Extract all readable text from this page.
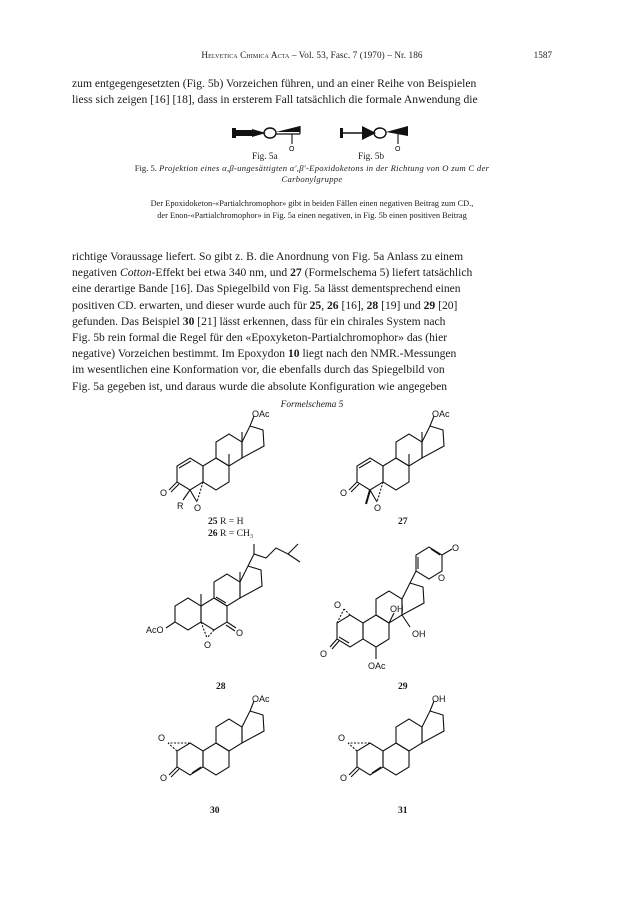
Helvetica Chimica Acta – Vol. 53, Fasc. 7 (1970) – Nr. 186	1587

zum entgegengesetzten (Fig. 5b) Vorzeichen führen, und an einer Reihe von Beispielen

liess sich zeigen [16] [18], dass in ersterem Fall tatsächlich die formale Anwendung die

O	O
Fig. 5a	Fig. 5b
Fig. 5. Projektion eines α,β-ungesättigten α′,β′-Epoxidoketons in der Richtung von O zum C der
Carbonylgruppe
Der Epoxidoketon-«Partialchromophor» gibt in beiden Fällen einen negativen Beitrag zum CD.,
der Enon-«Partialchromophor» in Fig. 5a einen negativen, in Fig. 5b einen positiven Beitrag

richtige Voraussage liefert. So gibt z. B. die Anordnung von Fig. 5a Anlass zu einem

negativen Cotton-Effekt bei etwa 340 nm, und 27 (Formelschema 5) liefert tatsächlich

eine derartige Bande [16]. Das Spiegelbild von Fig. 5a lässt dementsprechend einen

positiven CD. erwarten, und dieser wurde auch für 25, 26 [16], 28 [19] und 29 [20]

gefunden. Das Beispiel 30 [21] lässt erkennen, dass für ein chirales System nach

Fig. 5b rein formal die Regel für den «Epoxyketon-Partialchromophor» das (hier

negative) Vorzeichen bestimmt. Im Epoxydon 10 liegt nach den NMR.-Messungen

im wesentlichen eine Konformation vor, die ebenfalls durch das Spiegelbild von

Fig. 5a gegeben ist, und daraus wurde die absolute Konfiguration wie angegeben

Formelschema 5
OAc
O
O
R
25 R = H
26 R = CH₃
OAc
O
O
27
AcO	O
O
28
O
O	OH
OH
OAc
O
O
29
OAc
O
O
30
OH
O
O
31
